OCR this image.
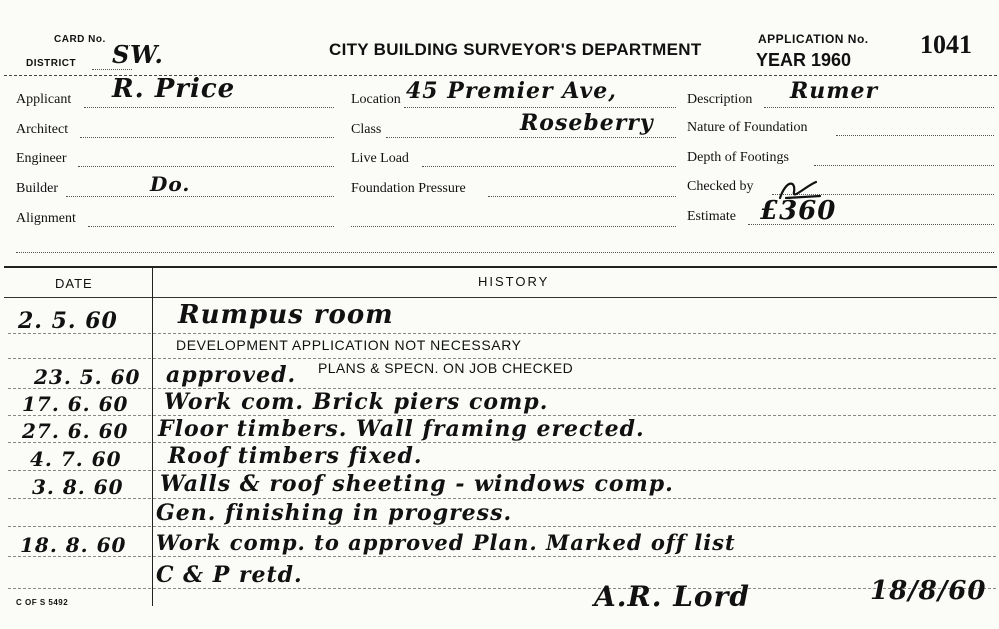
CARD No.
DISTRICT SW.	CITY BUILDING SURVEYOR'S DEPARTMENT
APPLICATION No.
YEAR 1960
1041
Applicant R. Price
Architect
Engineer
Builder	Do.
Alignment
Location 45 Premier Ave,
Class	Roseberry
Live Load
Foundation Pressure
Description Rumer
Nature of Foundation
Depth of Footings
Checked by
Estimate £360
DATE	HISTORY
2. 5. 60 Rumpus room
DEVELOPMENT APPLICATION NOT NECESSARY
23. 5. 60 approved. PLANS & SPECN. ON JOB CHECKED
17. 6. 60 Work com. Brick piers comp.
27. 6. 60 Floor timbers. Wall framing erected.
4. 7. 60 Roof timbers fixed.
3. 8. 60 Walls & roof sheeting - windows comp.
Gen. finishing in progress.
18. 8. 60 Work comp. to approved Plan. Marked off list
C & P retd.
A.R. Lord	18/8/60
C OF S 5492
